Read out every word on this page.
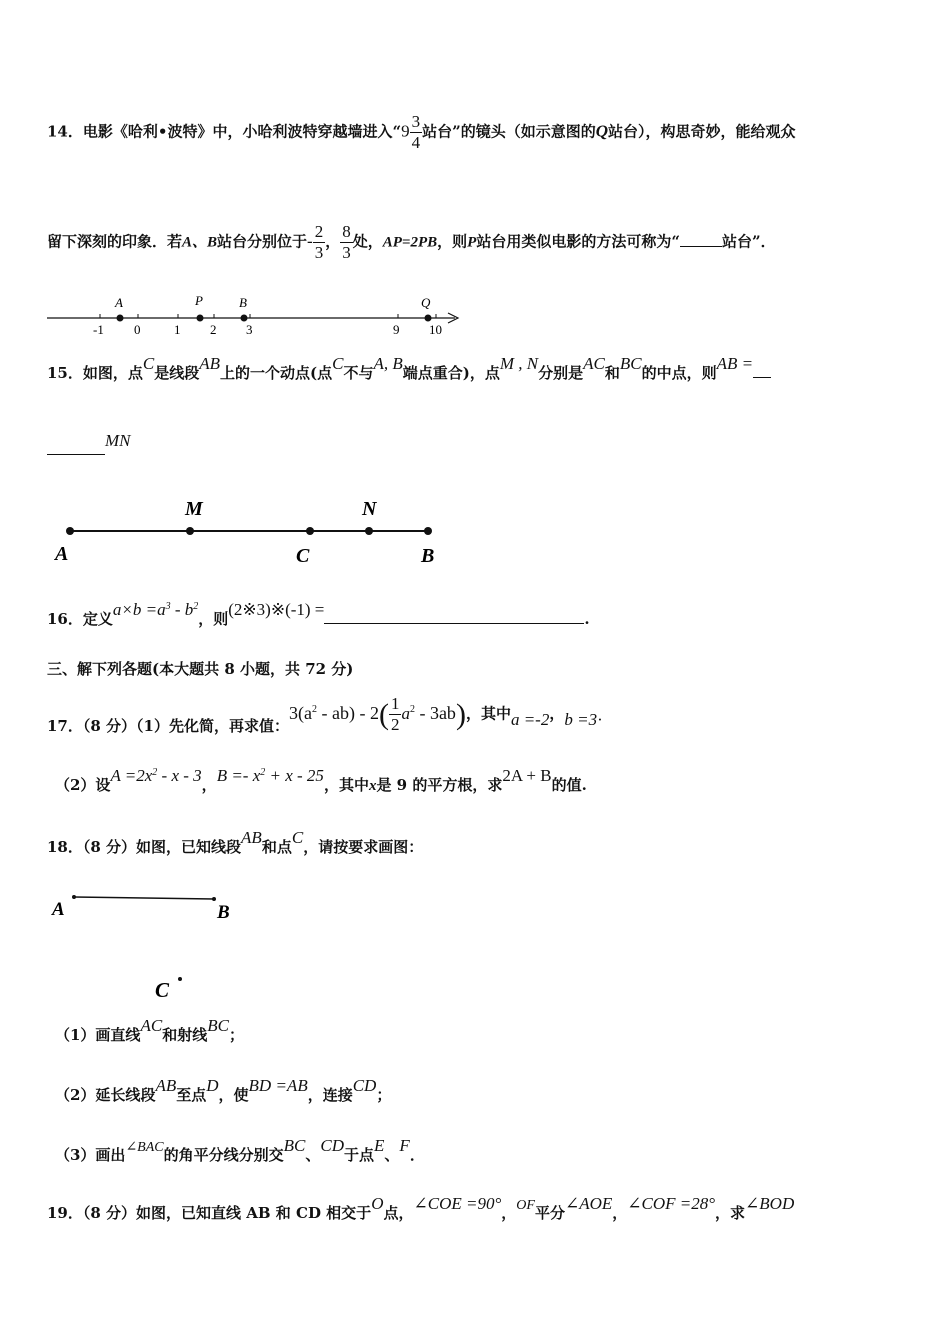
14．电影《哈利•波特》中，小哈利波特穿越墙进入“$9 \frac{3}{4}$ 站台”的镜头（如示意图的Q站台），构思奇妙，能给观众
留下深刻的印象．若A、B站台分别位于- $\frac{2}{3}$ ， $\frac{8}{3}$ 处，AP=2PB，则P站台用类似电影的方法可称为“	站台”．
A	P	B	Q
-1 0	1 2 3	9 10
15．如图，点C是线段AB上的一个动点(点C不与A, B端点重合)，点M , N分别是AC和BC的中点，则AB =
MN
M	N
A	C	B
16．定义$a\times b =a^3 - b^2$，则(2※3)※(-1) =	.
三、解下列各题(本大题共 8 小题，共 72 分)
17．（8 分）（1）先化简，再求值：$3(a^2 - ab) - 2( \frac{1}{2} a^2 - 3ab)$，其中a =-2，b =3·
（2）设$A =2x^2 - x - 3$，$B =- x^2 + x - 25$，其中x是 9 的平方根，求2A + B的值.
18．（8 分）如图，已知线段AB和点C，请按要求画图：
A	B
C
（1）画直线AC和射线BC；
（2）延长线段AB至点D，使BD =AB，连接CD；
（3）画出∠BAC的角平分线分别交BC、CD于点E、F．
19．（8 分）如图，已知直线 AB 和 CD 相交于O点，∠COE =90°，OF平分∠AOE，∠COF =28°，求∠BOD
